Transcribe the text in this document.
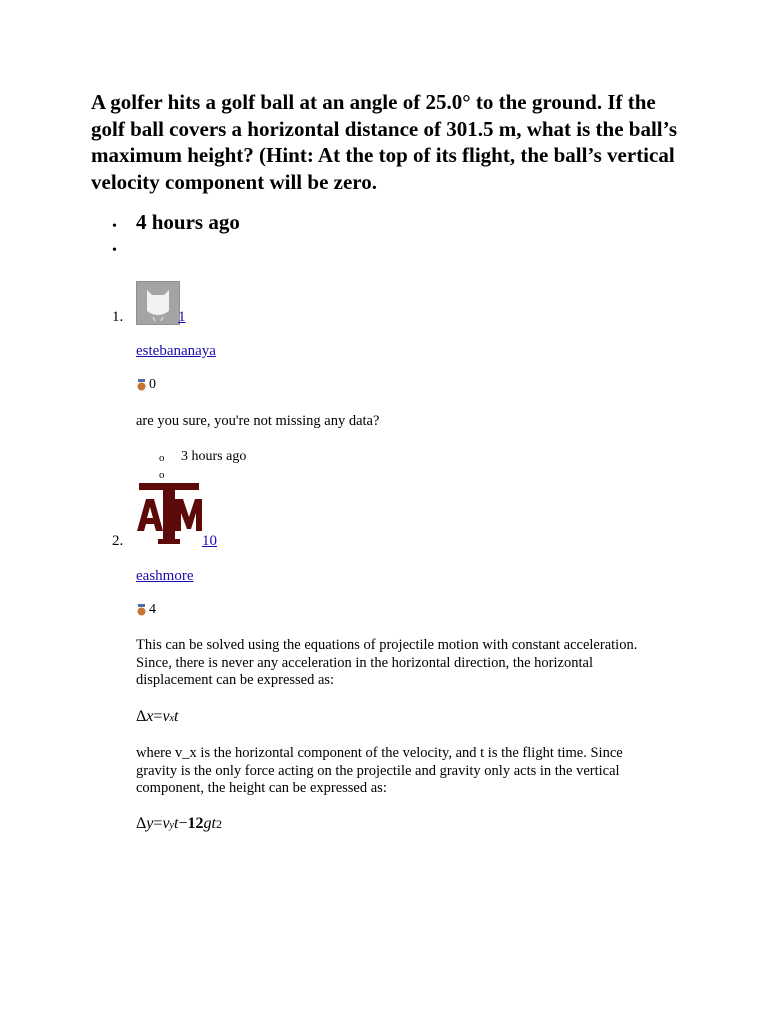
A golfer hits a golf ball at an angle of 25.0° to the ground. If the golf ball covers a horizontal distance of 301.5 m, what is the ball’s maximum height? (Hint: At the top of its flight, the ball’s vertical velocity component will be zero.

• 4 hours ago
•
1.	1
estebananaya
0

are you sure, you're not missing any data?

o 3 hours ago
o
2.	10
eashmore
4

This can be solved using the equations of projectile motion with constant acceleration. Since, there is never any acceleration in the horizontal direction, the horizontal displacement can be expressed as:

Δx=vxt

where v_x is the horizontal component of the velocity, and t is the flight time. Since gravity is the only force acting on the projectile and gravity only acts in the vertical component, the height can be expressed as:

Δy=vyt−12gt2
